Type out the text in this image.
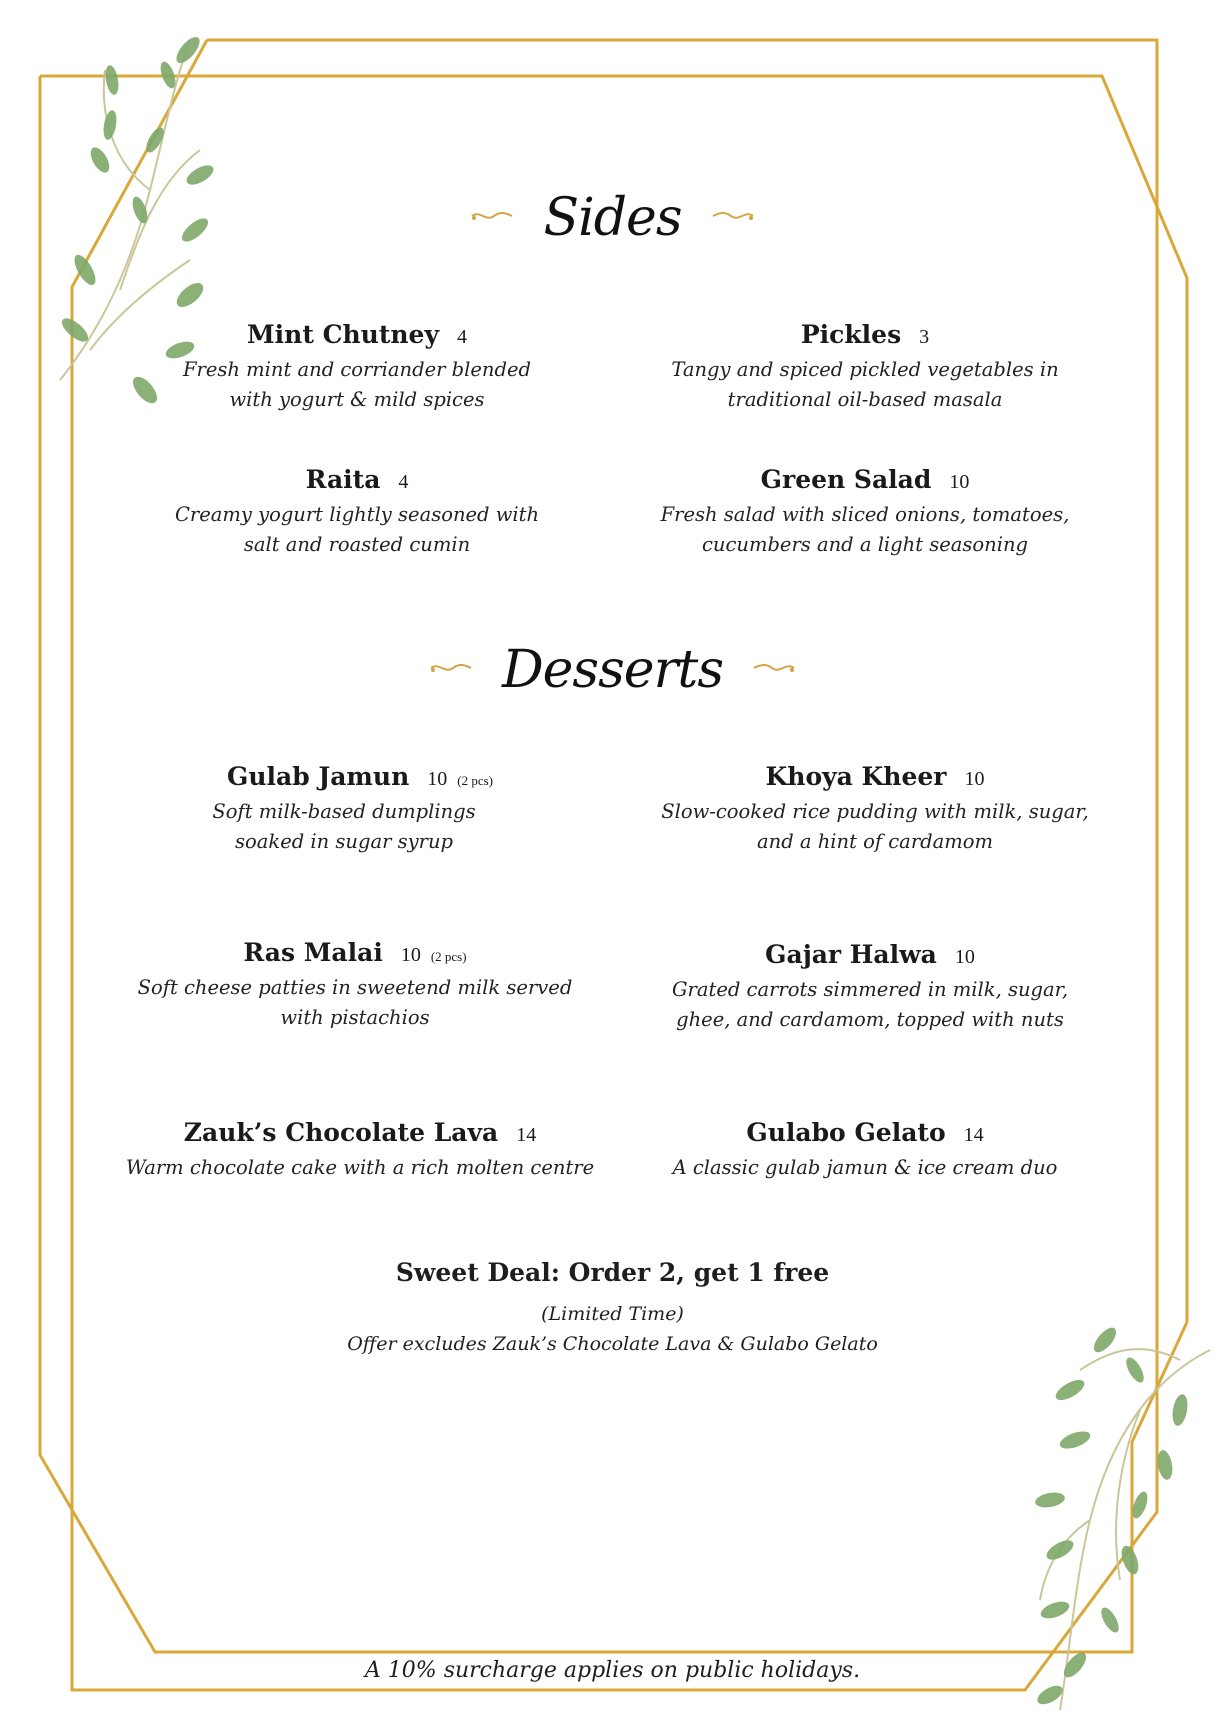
Sides
Mint Chutney 4
Fresh mint and corriander blended
with yogurt & mild spices
Pickles 3
Tangy and spiced pickled vegetables in
traditional oil-based masala
Raita 4
Creamy yogurt lightly seasoned with
salt and roasted cumin
Green Salad 10
Fresh salad with sliced onions, tomatoes,
cucumbers and a light seasoning
Desserts
Gulab Jamun 10 (2 pcs)
Soft milk-based dumplings
soaked in sugar syrup
Khoya Kheer 10
Slow-cooked rice pudding with milk, sugar,
and a hint of cardamom
Ras Malai 10 (2 pcs)
Soft cheese patties in sweetend milk served
with pistachios
Gajar Halwa 10
Grated carrots simmered in milk, sugar,
ghee, and cardamom, topped with nuts
Zauk’s Chocolate Lava 14
Warm chocolate cake with a rich molten centre
Gulabo Gelato 14
A classic gulab jamun & ice cream duo
Sweet Deal: Order 2, get 1 free
(Limited Time)
Offer excludes Zauk’s Chocolate Lava & Gulabo Gelato
A 10% surcharge applies on public holidays.
